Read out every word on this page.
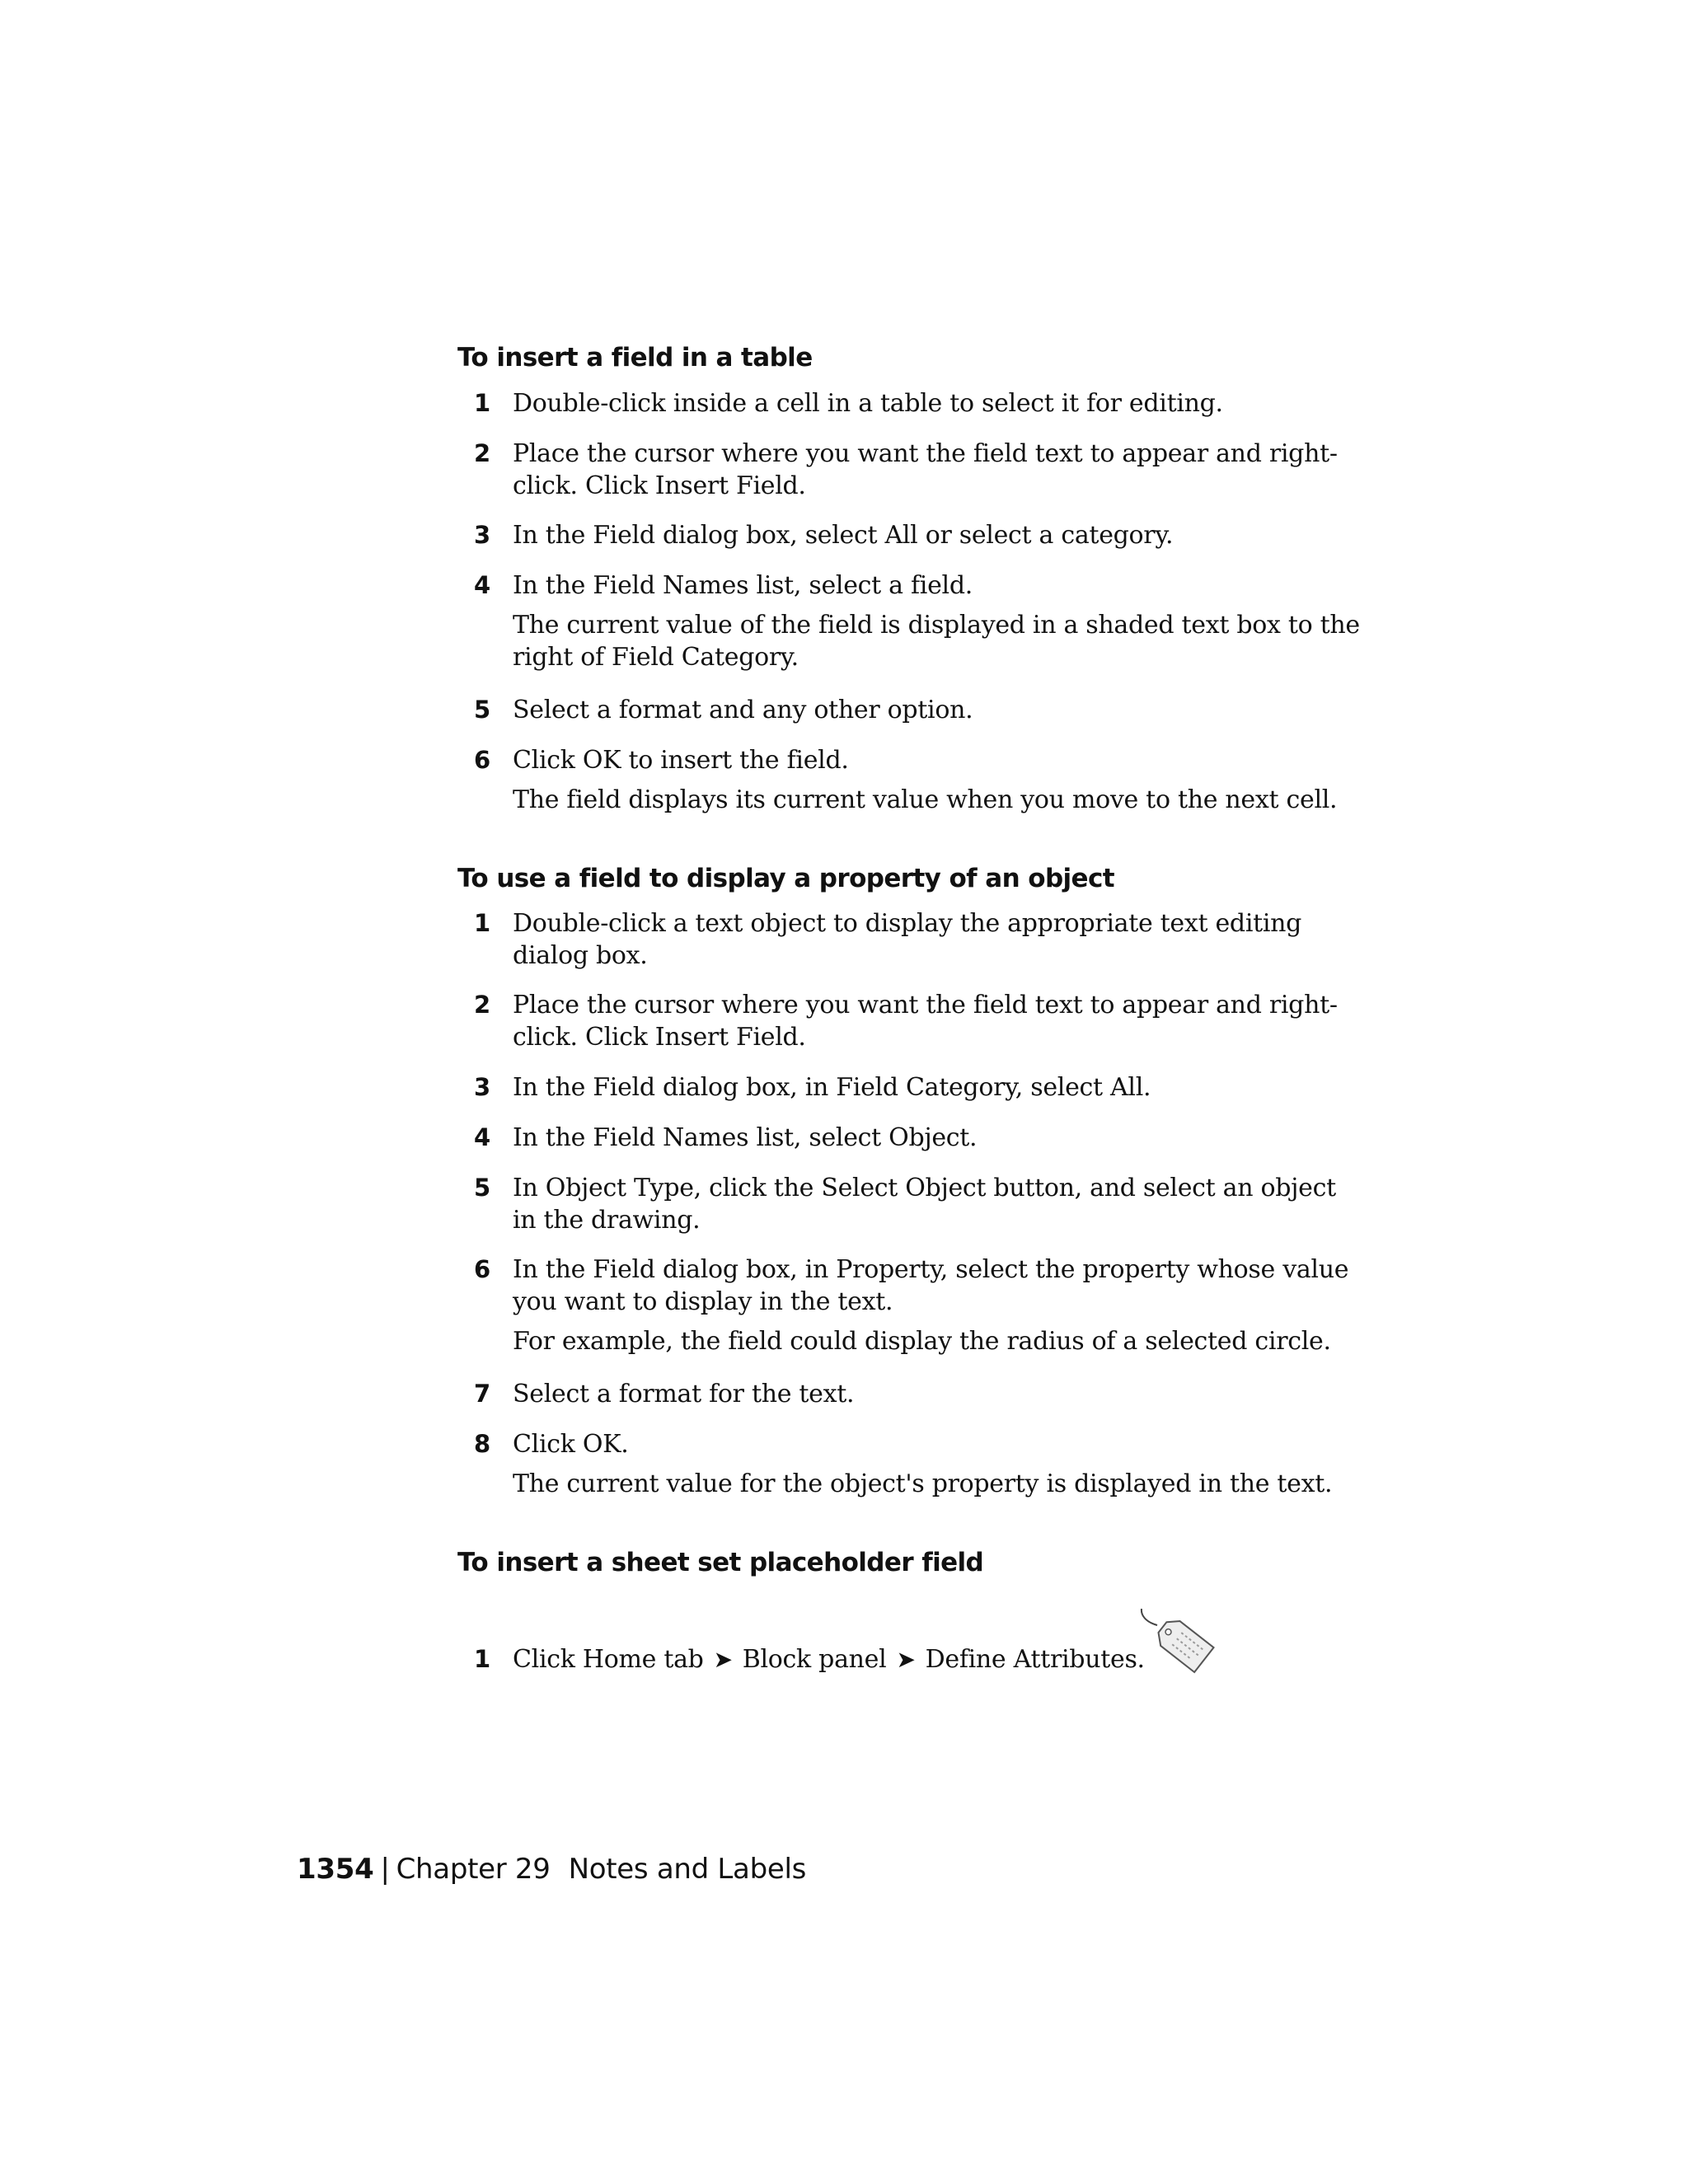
To insert a field in a table
1 Double-click inside a cell in a table to select it for editing.
2 Place the cursor where you want the field text to appear and right-click. Click Insert Field.
3 In the Field dialog box, select All or select a category.
4 In the Field Names list, select a field.
The current value of the field is displayed in a shaded text box to the right of Field Category.
5 Select a format and any other option.
6 Click OK to insert the field.
The field displays its current value when you move to the next cell.
To use a field to display a property of an object
1 Double-click a text object to display the appropriate text editing dialog box.
2 Place the cursor where you want the field text to appear and right-click. Click Insert Field.
3 In the Field dialog box, in Field Category, select All.
4 In the Field Names list, select Object.
5 In Object Type, click the Select Object button, and select an object in the drawing.
6 In the Field dialog box, in Property, select the property whose value you want to display in the text.
For example, the field could display the radius of a selected circle.
7 Select a format for the text.
8 Click OK.
The current value for the object's property is displayed in the text.
To insert a sheet set placeholder field
1 Click Home tab ➤ Block panel ➤ Define Attributes.
1354 | Chapter 29 Notes and Labels
